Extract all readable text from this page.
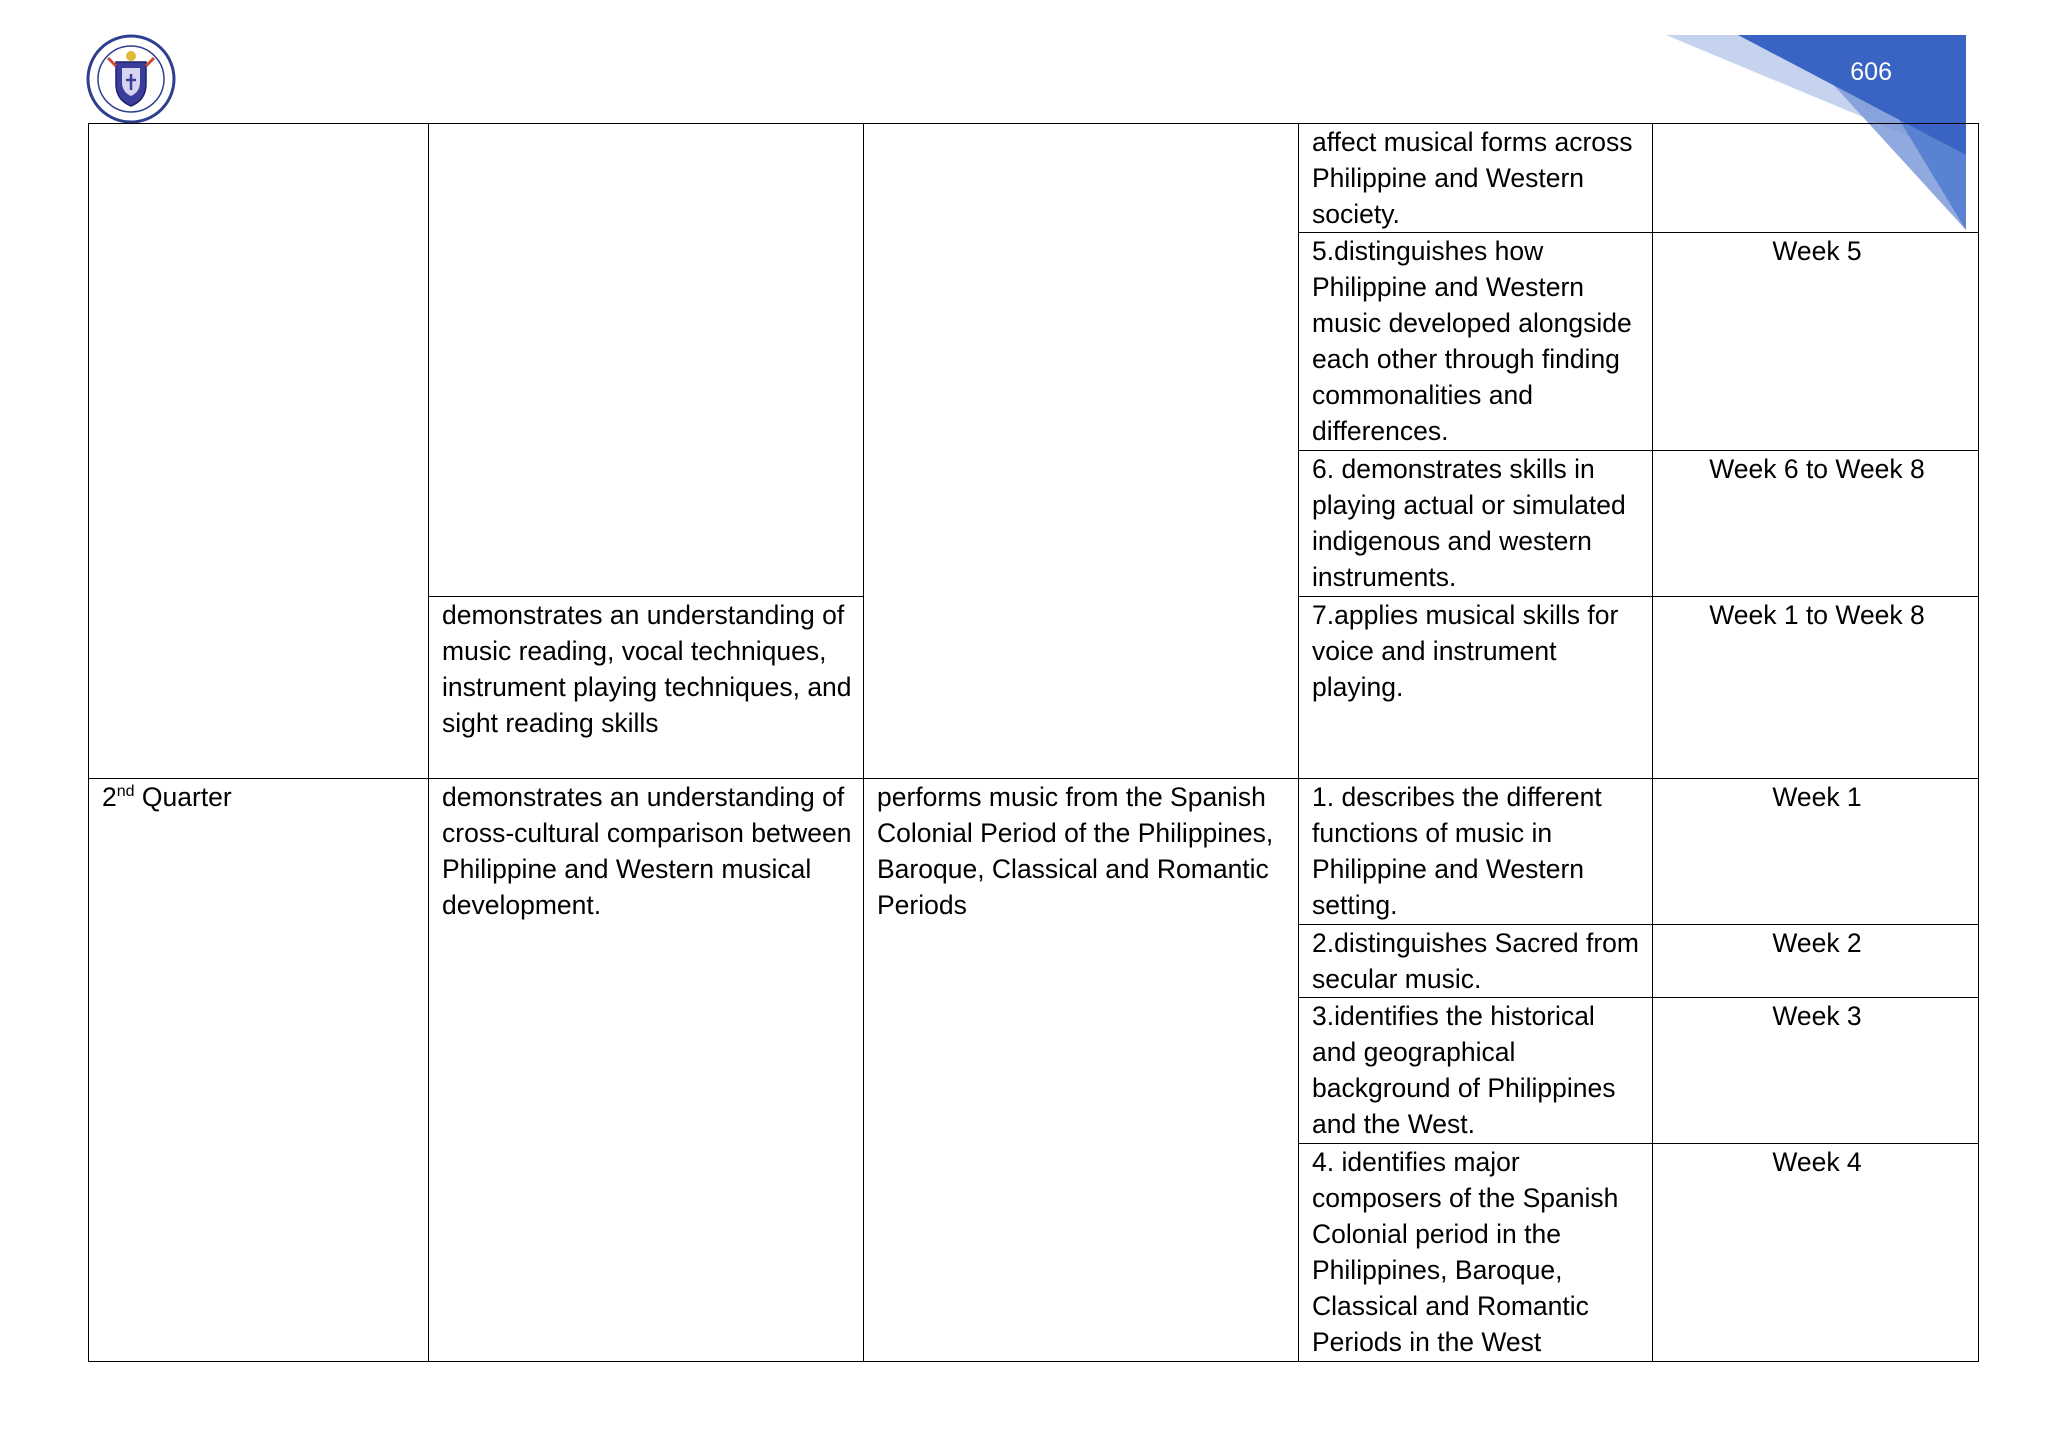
606
			affect musical forms across Philippine and Western society.	
			5.distinguishes how Philippine and Western music developed alongside each other through finding commonalities and differences.	Week 5
			6. demonstrates skills in playing actual or simulated indigenous and western instruments.	Week 6 to Week 8
	demonstrates an understanding of music reading, vocal techniques, instrument playing techniques, and sight reading skills		7.applies musical skills for voice and instrument playing.	Week 1 to Week 8
2nd Quarter	demonstrates an understanding of cross-cultural comparison between Philippine and Western musical development.	performs music from the Spanish Colonial Period of the Philippines, Baroque, Classical and Romantic Periods	1. describes the different functions of music in Philippine and Western setting.	Week 1
			2.distinguishes Sacred from secular music.	Week 2
			3.identifies the historical and geographical background of Philippines and the West.	Week 3
			4. identifies major composers of the Spanish Colonial period in the Philippines, Baroque, Classical and Romantic Periods in the West	Week 4
